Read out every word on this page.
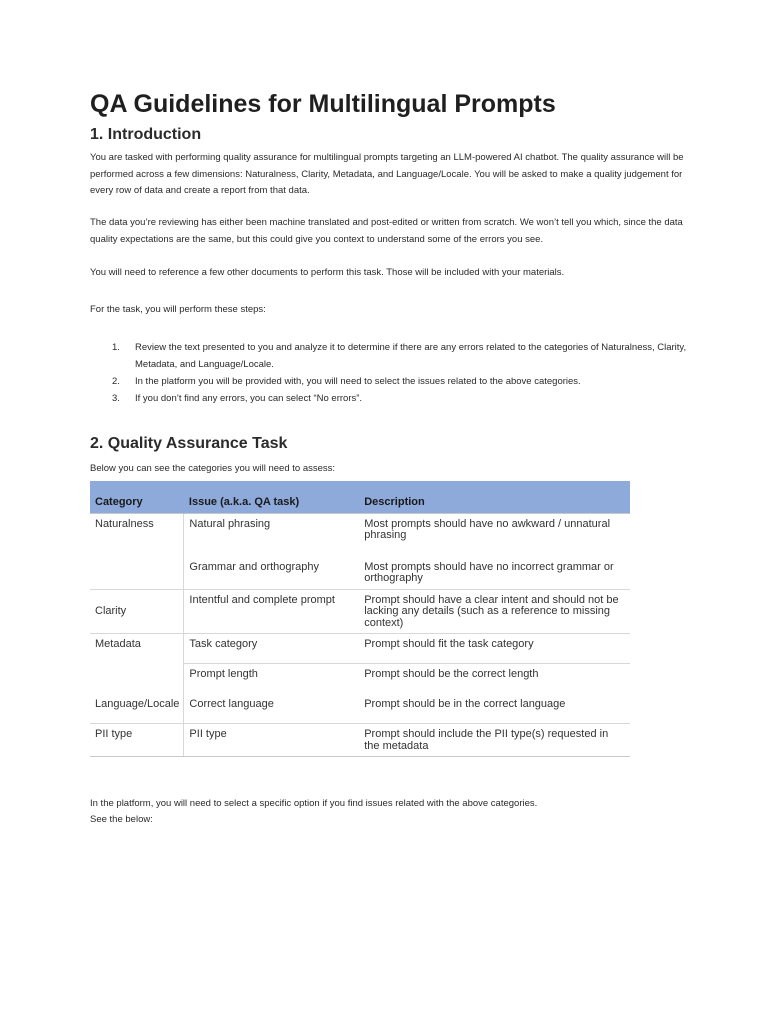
QA Guidelines for Multilingual Prompts
1. Introduction

You are tasked with performing quality assurance for multilingual prompts targeting an LLM-powered AI chatbot. The quality assurance will be performed across a few dimensions: Naturalness, Clarity, Metadata, and Language/Locale. You will be asked to make a quality judgement for every row of data and create a report from that data.

The data you’re reviewing has either been machine translated and post-edited or written from scratch. We won’t tell you which, since the data quality expectations are the same, but this could give you context to understand some of the errors you see.

You will need to reference a few other documents to perform this task. Those will be included with your materials.

For the task, you will perform these steps:

1. Review the text presented to you and analyze it to determine if there are any errors related to the categories of Naturalness, Clarity, Metadata, and Language/Locale.
2. In the platform you will be provided with, you will need to select the issues related to the above categories.
3. If you don’t find any errors, you can select “No errors”.
2. Quality Assurance Task

Below you can see the categories you will need to assess:

Category	Issue (a.k.a. QA task)	Description
Naturalness	Natural phrasing	Most prompts should have no awkward / unnatural phrasing
	Grammar and orthography	Most prompts should have no incorrect grammar or orthography
Clarity	Intentful and complete prompt	Prompt should have a clear intent and should not be lacking any details (such as a reference to missing context)
Metadata	Task category	Prompt should fit the task category
	Prompt length	Prompt should be the correct length
Language/Locale	Correct language	Prompt should be in the correct language
PII type	PII type	Prompt should include the PII type(s) requested in the metadata

In the platform, you will need to select a specific option if you find issues related with the above categories.

See the below:
